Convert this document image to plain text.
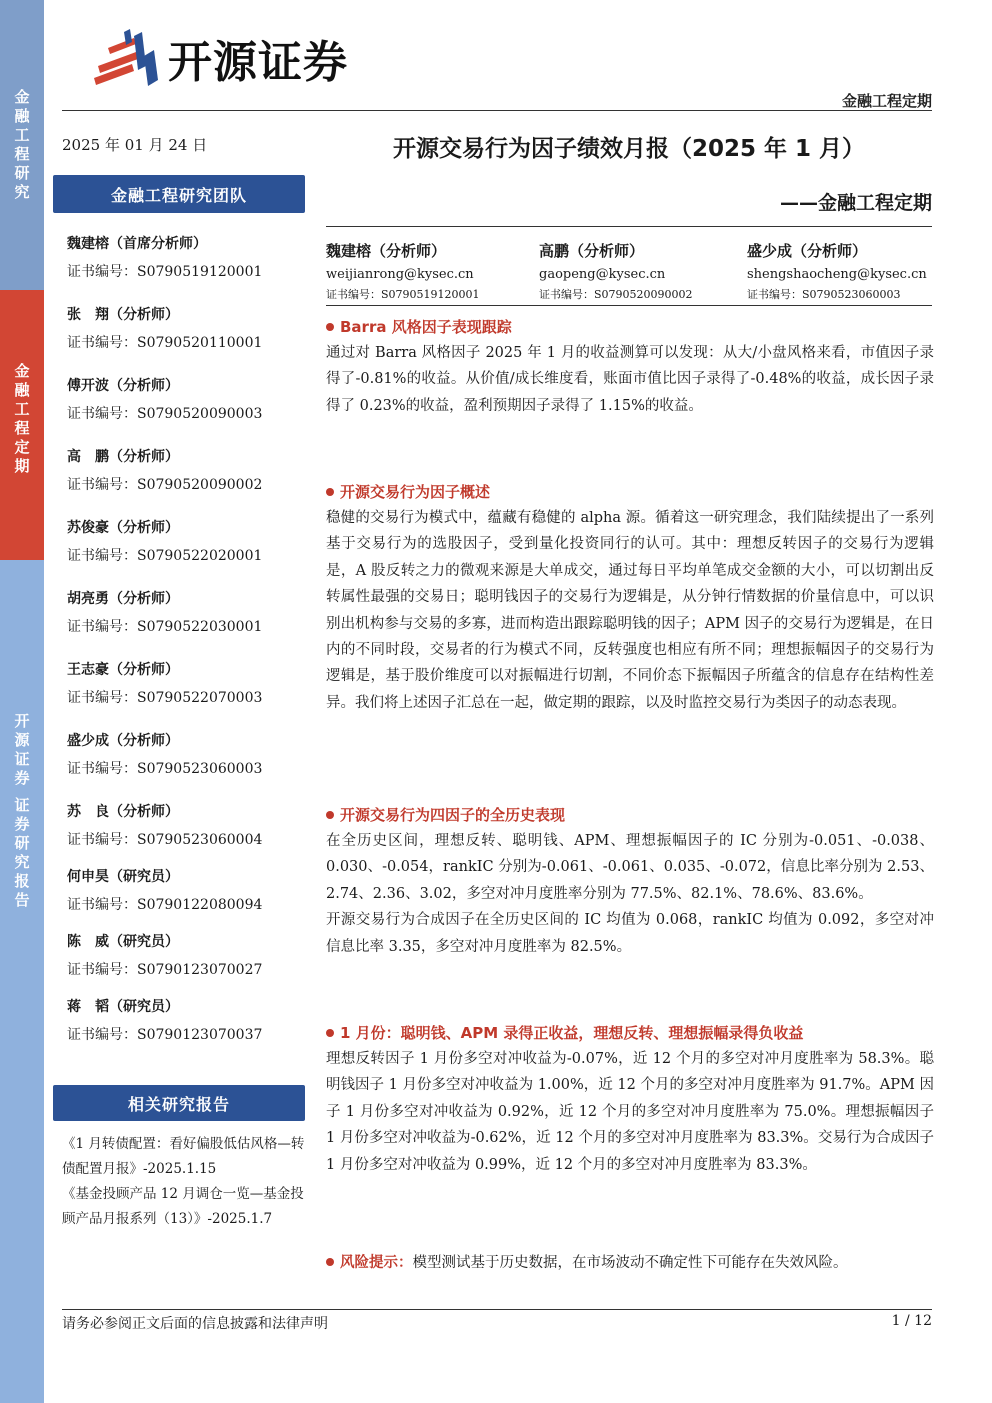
金
融
工
程
研
究
金
融
工
程
定
期
开
源
证
券
证
券
研
究
报
告
开源证券
金融工程定期
2025 年 01 月 24 日
金融工程研究团队
魏建榕（首席分析师）
证书编号：S0790519120001
张　翔（分析师）
证书编号：S0790520110001
傅开波（分析师）
证书编号：S0790520090003
高　鹏（分析师）
证书编号：S0790520090002
苏俊豪（分析师）
证书编号：S0790522020001
胡亮勇（分析师）
证书编号：S0790522030001
王志豪（分析师）
证书编号：S0790522070003
盛少成（分析师）
证书编号：S0790523060003
苏　良（分析师）
证书编号：S0790523060004
何申昊（研究员）
证书编号：S0790122080094
陈　威（研究员）
证书编号：S0790123070027
蒋　韬（研究员）
证书编号：S0790123070037
相关研究报告
《1 月转债配置：看好偏股低估风格—转债配置月报》-2025.1.15
《基金投顾产品 12 月调仓一览—基金投顾产品月报系列（13）》-2025.1.7
开源交易行为因子绩效月报（2025 年 1 月）
——金融工程定期
魏建榕（分析师）
weijianrong@kysec.cn
证书编号：S0790519120001
高鹏（分析师）
gaopeng@kysec.cn
证书编号：S0790520090002
盛少成（分析师）
shengshaocheng@kysec.cn
证书编号：S0790523060003
Barra 风格因子表现跟踪
通过对 Barra 风格因子 2025 年 1 月的收益测算可以发现：从大/小盘风格来看，市值因子录得了-0.81%的收益。从价值/成长维度看，账面市值比因子录得了-0.48%的收益，成长因子录得了 0.23%的收益，盈利预期因子录得了 1.15%的收益。
开源交易行为因子概述
稳健的交易行为模式中，蕴藏有稳健的 alpha 源。循着这一研究理念，我们陆续提出了一系列基于交易行为的选股因子，受到量化投资同行的认可。其中：理想反转因子的交易行为逻辑是，A 股反转之力的微观来源是大单成交，通过每日平均单笔成交金额的大小，可以切割出反转属性最强的交易日；聪明钱因子的交易行为逻辑是，从分钟行情数据的价量信息中，可以识别出机构参与交易的多寡，进而构造出跟踪聪明钱的因子；APM 因子的交易行为逻辑是，在日内的不同时段，交易者的行为模式不同，反转强度也相应有所不同；理想振幅因子的交易行为逻辑是，基于股价维度可以对振幅进行切割，不同价态下振幅因子所蕴含的信息存在结构性差异。我们将上述因子汇总在一起，做定期的跟踪，以及时监控交易行为类因子的动态表现。
开源交易行为四因子的全历史表现
在全历史区间，理想反转、聪明钱、APM、理想振幅因子的 IC 分别为-0.051、-0.038、0.030、-0.054，rankIC 分别为-0.061、-0.061、0.035、-0.072，信息比率分别为 2.53、2.74、2.36、3.02，多空对冲月度胜率分别为 77.5%、82.1%、78.6%、83.6%。
开源交易行为合成因子在全历史区间的 IC 均值为 0.068，rankIC 均值为 0.092，多空对冲信息比率 3.35，多空对冲月度胜率为 82.5%。
1 月份：聪明钱、APM 录得正收益，理想反转、理想振幅录得负收益
理想反转因子 1 月份多空对冲收益为-0.07%，近 12 个月的多空对冲月度胜率为 58.3%。聪明钱因子 1 月份多空对冲收益为 1.00%，近 12 个月的多空对冲月度胜率为 91.7%。APM 因子 1 月份多空对冲收益为 0.92%，近 12 个月的多空对冲月度胜率为 75.0%。理想振幅因子 1 月份多空对冲收益为-0.62%，近 12 个月的多空对冲月度胜率为 83.3%。交易行为合成因子 1 月份多空对冲收益为 0.99%，近 12 个月的多空对冲月度胜率为 83.3%。
风险提示：模型测试基于历史数据，在市场波动不确定性下可能存在失效风险。
请务必参阅正文后面的信息披露和法律声明	1 / 12
